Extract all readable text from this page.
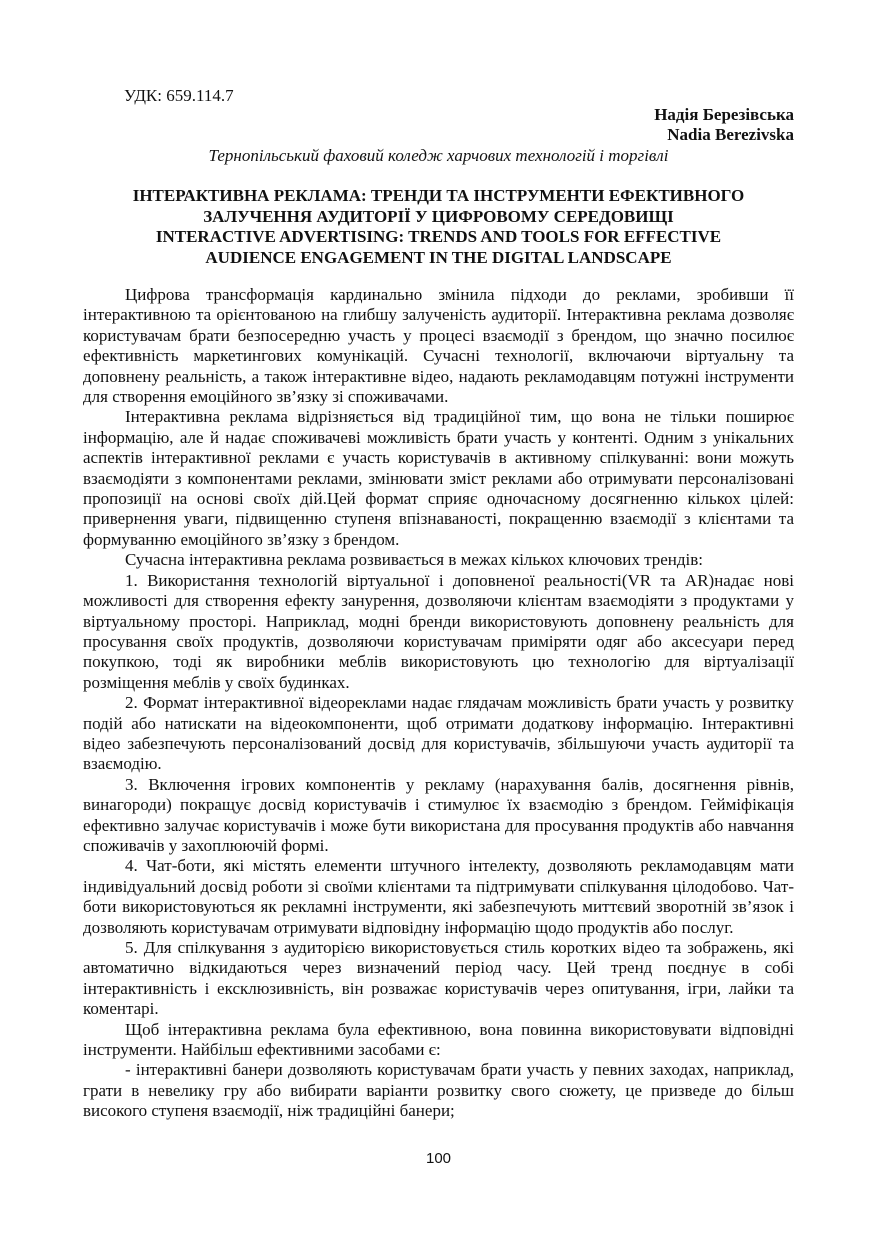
УДК: 659.114.7
Надія Березівська
Nadia Berezivska
Тернопільський фаховий коледж харчових технологій і торгівлі
ІНТЕРАКТИВНА РЕКЛАМА: ТРЕНДИ ТА ІНСТРУМЕНТИ ЕФЕКТИВНОГО
ЗАЛУЧЕННЯ АУДИТОРІЇ У ЦИФРОВОМУ СЕРЕДОВИЩІ
INTERACTIVE ADVERTISING: TRENDS AND TOOLS FOR EFFECTIVE
AUDIENCE ENGAGEMENT IN THE DIGITAL LANDSCAPE

Цифрова трансформація кардинально змінила підходи до реклами, зробивши її інтерактивною та орієнтованою на глибшу залученість аудиторії. Інтерактивна реклама дозволяє користувачам брати безпосередню участь у процесі взаємодії з брендом, що значно посилює ефективність маркетингових комунікацій. Сучасні технології, включаючи віртуальну та доповнену реальність, а також інтерактивне відео, надають рекламодавцям потужні інструменти для створення емоційного зв’язку зі споживачами.

Інтерактивна реклама відрізняється від традиційної тим, що вона не тільки поширює інформацію, але й надає споживачеві можливість брати участь у контенті. Одним з унікальних аспектів інтерактивної реклами є участь користувачів в активному спілкуванні: вони можуть взаємодіяти з компонентами реклами, змінювати зміст реклами або отримувати персоналізовані пропозиції на основі своїх дій.Цей формат сприяє одночасному досягненню кількох цілей: привернення уваги, підвищенню ступеня впізнаваності, покращенню взаємодії з клієнтами та формуванню емоційного зв’язку з брендом.

Сучасна інтерактивна реклама розвивається в межах кількох ключових трендів:

1. Використання технологій віртуальної і доповненої реальності(VR та AR)надає нові можливості для створення ефекту занурення, дозволяючи клієнтам взаємодіяти з продуктами у віртуальному просторі. Наприклад, модні бренди використовують доповнену реальність для просування своїх продуктів, дозволяючи користувачам приміряти одяг або аксесуари перед покупкою, тоді як виробники меблів використовують цю технологію для віртуалізації розміщення меблів у своїх будинках.

2. Формат інтерактивної відеореклами надає глядачам можливість брати участь у розвитку подій або натискати на відеокомпоненти, щоб отримати додаткову інформацію. Інтерактивні відео забезпечують персоналізований досвід для користувачів, збільшуючи участь аудиторії та взаємодію.

3. Включення ігрових компонентів у рекламу (нарахування балів, досягнення рівнів, винагороди) покращує досвід користувачів і стимулює їх взаємодію з брендом. Гейміфікація ефективно залучає користувачів і може бути використана для просування продуктів або навчання споживачів у захоплюючій формі.

4. Чат-боти, які містять елементи штучного інтелекту, дозволяють рекламодавцям мати індивідуальний досвід роботи зі своїми клієнтами та підтримувати спілкування цілодобово. Чат-боти використовуються як рекламні інструменти, які забезпечують миттєвий зворотній зв’язок і дозволяють користувачам отримувати відповідну інформацію щодо продуктів або послуг.

5. Для спілкування з аудиторією використовується стиль коротких відео та зображень, які автоматично відкидаються через визначений період часу. Цей тренд поєднує в собі інтерактивність і ексклюзивність, він розважає користувачів через опитування, ігри, лайки та коментарі.

Щоб інтерактивна реклама була ефективною, вона повинна використовувати відповідні інструменти. Найбільш ефективними засобами є:

- інтерактивні банери дозволяють користувачам брати участь у певних заходах, наприклад, грати в невелику гру або вибирати варіанти розвитку свого сюжету, це призведе до більш високого ступеня взаємодії, ніж традиційні банери;

100
